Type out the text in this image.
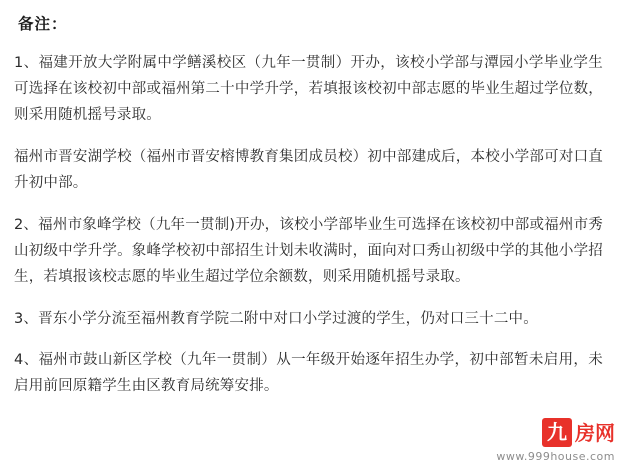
备注：

1、福建开放大学附属中学鳝溪校区（九年一贯制）开办，该校小学部与潭园小学毕业学生可选择在该校初中部或福州第二十中学升学，若填报该校初中部志愿的毕业生超过学位数，则采用随机摇号录取。

福州市晋安湖学校（福州市晋安榕博教育集团成员校）初中部建成后，本校小学部可对口直升初中部。

2、福州市象峰学校（九年一贯制)开办，该校小学部毕业生可选择在该校初中部或福州市秀山初级中学升学。象峰学校初中部招生计划未收满时，面向对口秀山初级中学的其他小学招生，若填报该校志愿的毕业生超过学位余额数，则采用随机摇号录取。

3、晋东小学分流至福州教育学院二附中对口小学过渡的学生，仍对口三十二中。

4、福州市鼓山新区学校（九年一贯制）从一年级开始逐年招生办学，初中部暂未启用，未启用前回原籍学生由区教育局统筹安排。

九 房网
www.999house.com
